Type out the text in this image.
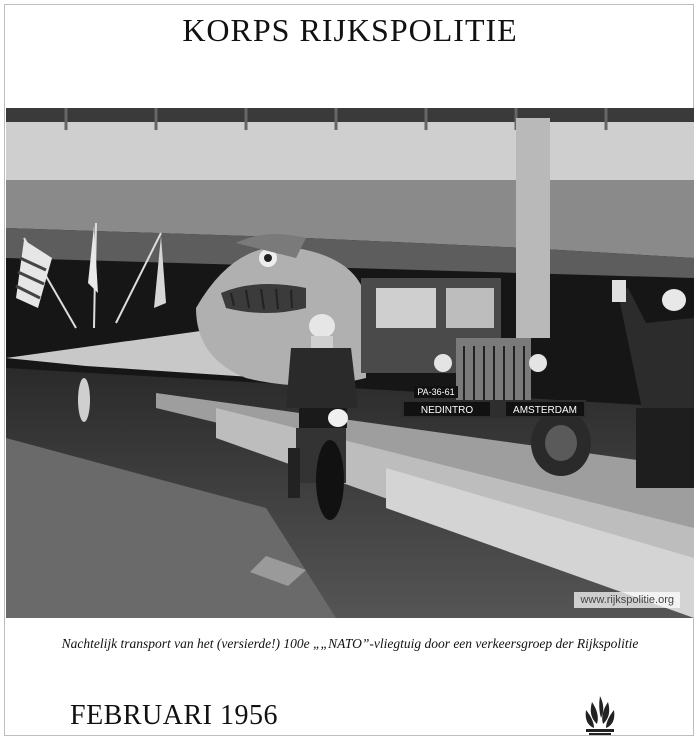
KORPS RIJKSPOLITIE
PA-36-61
NEDINTRO	AMSTERDAM
www.rijkspolitie.org
Nachtelijk transport van het (versierde!) 100e „„NATO”-vliegtuig door een verkeersgroep der Rijkspolitie
FEBRUARI 1956
